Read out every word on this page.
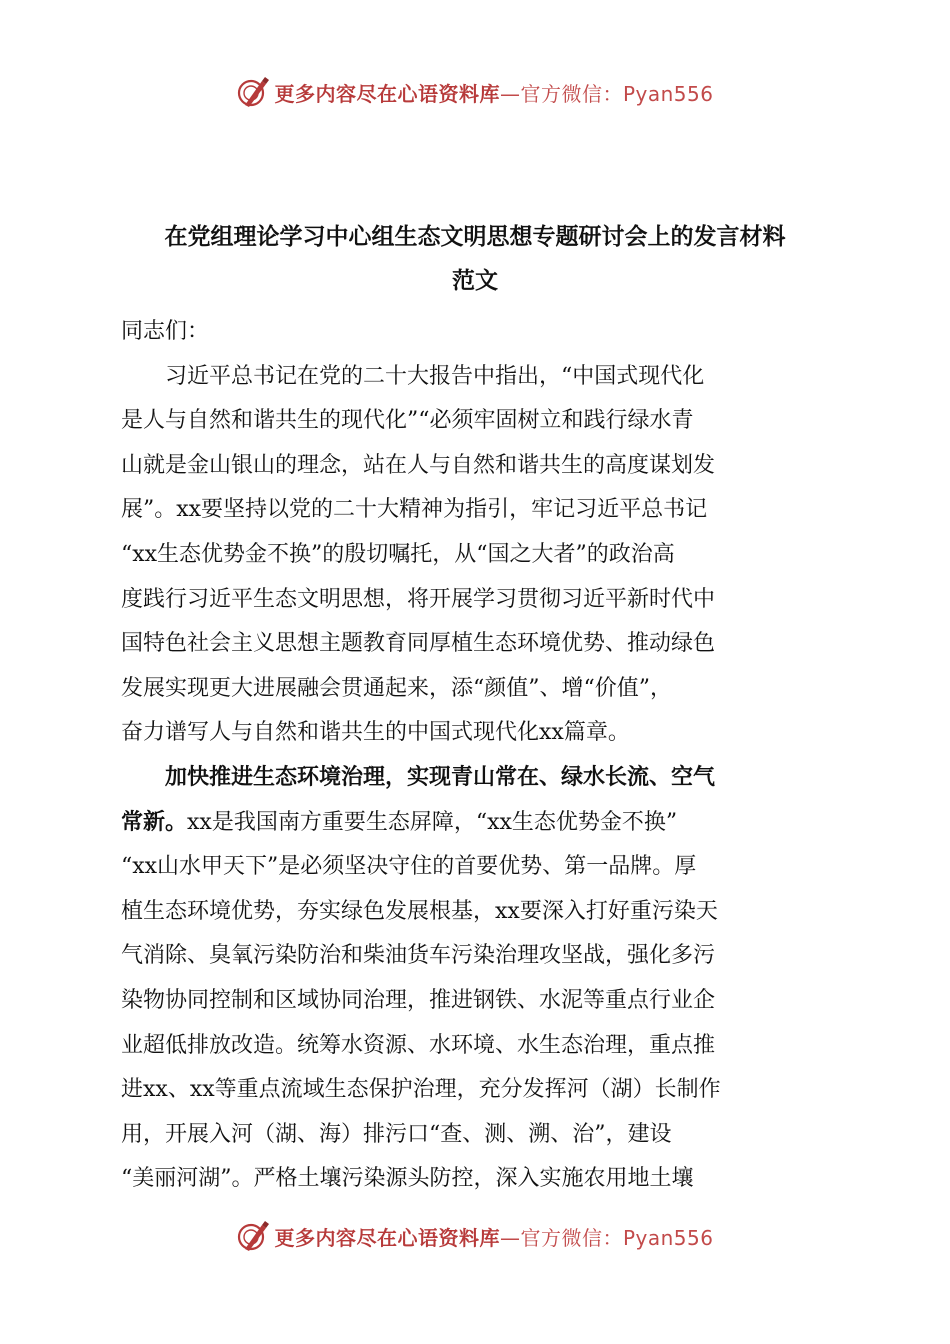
更多内容尽在心语资料库—官方微信：Pyan556
在党组理论学习中心组生态文明思想专题研讨会上的发言材料
范文
同志们：
　　习近平总书记在党的二十大报告中指出，“中国式现代化
是人与自然和谐共生的现代化”“必须牢固树立和践行绿水青
山就是金山银山的理念，站在人与自然和谐共生的高度谋划发
展”。xx要坚持以党的二十大精神为指引，牢记习近平总书记
“xx生态优势金不换”的殷切嘱托，从“国之大者”的政治高
度践行习近平生态文明思想，将开展学习贯彻习近平新时代中
国特色社会主义思想主题教育同厚植生态环境优势、推动绿色
发展实现更大进展融会贯通起来，添“颜值”、增“价值”，
奋力谱写人与自然和谐共生的中国式现代化xx篇章。
　　加快推进生态环境治理，实现青山常在、绿水长流、空气
常新。xx是我国南方重要生态屏障，“xx生态优势金不换”
“xx山水甲天下”是必须坚决守住的首要优势、第一品牌。厚
植生态环境优势，夯实绿色发展根基，xx要深入打好重污染天
气消除、臭氧污染防治和柴油货车污染治理攻坚战，强化多污
染物协同控制和区域协同治理，推进钢铁、水泥等重点行业企
业超低排放改造。统筹水资源、水环境、水生态治理，重点推
进xx、xx等重点流域生态保护治理，充分发挥河（湖）长制作
用，开展入河（湖、海）排污口“查、测、溯、治”，建设
“美丽河湖”。严格土壤污染源头防控，深入实施农用地土壤
更多内容尽在心语资料库—官方微信：Pyan556
